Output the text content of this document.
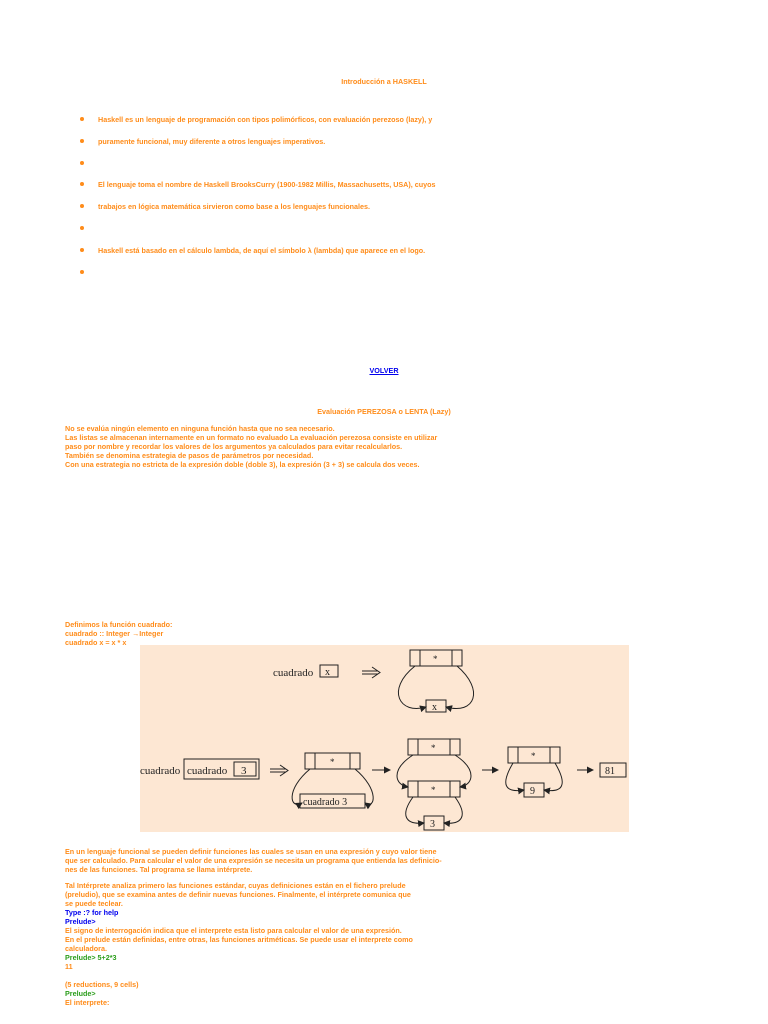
Introducción a HASKELL
Haskell es un lenguaje de programación con tipos polimórficos, con evaluación perezoso (lazy), y
puramente funcional, muy diferente a otros lenguajes imperativos.
El lenguaje toma el nombre de Haskell BrooksCurry (1900-1982 Millis, Massachusetts, USA), cuyos
trabajos en lógica matemática sirvieron como base a los lenguajes funcionales.
Haskell está basado en el cálculo lambda, de aquí el símbolo λ (lambda) que aparece en el logo.
VOLVER
Evaluación PEREZOSA o LENTA (Lazy)
No se evalúa ningún elemento en ninguna función hasta que no sea necesario.
Las listas se almacenan internamente en un formato no evaluado La evaluación perezosa consiste en utilizar
paso por nombre y recordar los valores de los argumentos ya calculados para evitar recalcularlos.
También se denomina estrategia de pasos de parámetros por necesidad.
Con una estrategia no estricta de la expresión doble (doble 3), la expresión (3 + 3) se calcula dos veces.
Definimos la función cuadrado:
cuadrado :: Integer →Integer
cuadrado x = x * x
cuadrado x
*
x
cuadrado cuadrado 3
*
cuadrado 3
*
*
3
*
9
81
En un lenguaje funcional se pueden definir funciones las cuales se usan en una expresión y cuyo valor tiene
que ser calculado. Para calcular el valor de una expresión se necesita un programa que entienda las definicio-
nes de las funciones. Tal programa se llama intérprete.
Tal Intérprete analiza primero las funciones estándar, cuyas definiciones están en el fichero prelude
(preludio), que se examina antes de definir nuevas funciones. Finalmente, el intérprete comunica que
se puede teclear.
Type :? for help
Prelude>
El signo de interrogación indica que el interprete esta listo para calcular el valor de una expresión.
En el prelude están definidas, entre otras, las funciones aritméticas. Se puede usar el interprete como
calculadora.
Prelude> 5+2*3
11
(5 reductions, 9 cells)
Prelude>
El interprete:
